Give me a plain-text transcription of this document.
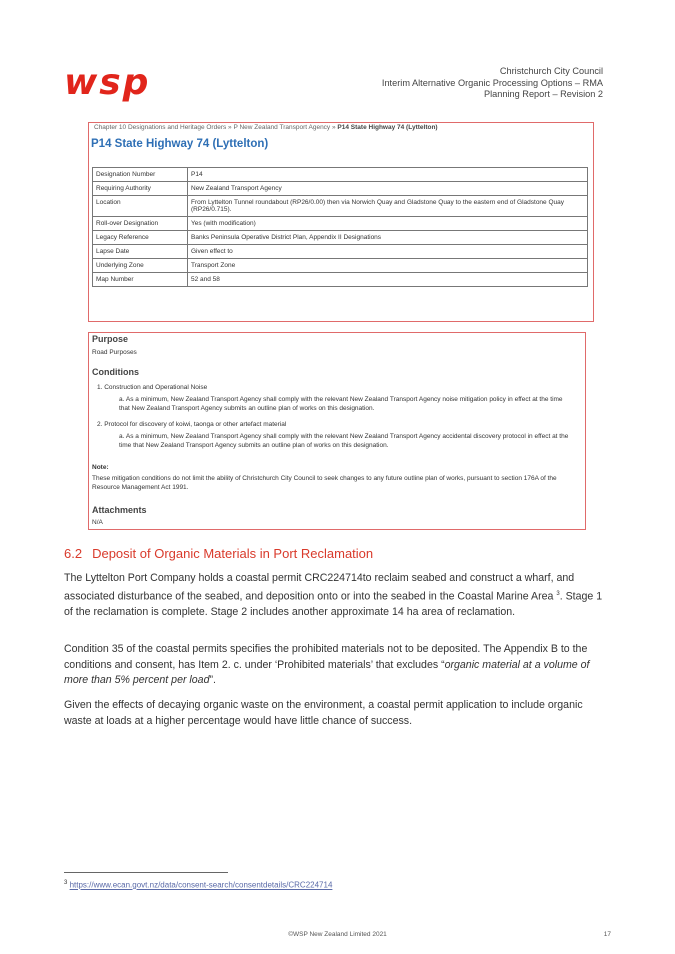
wsp	Christchurch City Council
Interim Alternative Organic Processing Options – RMA
Planning Report – Revision 2
Chapter 10 Designations and Heritage Orders » P New Zealand Transport Agency » P14 State Highway 74 (Lyttelton)
P14 State Highway 74 (Lyttelton)
Designation Number	P14
Requiring Authority	New Zealand Transport Agency
Location	From Lyttelton Tunnel roundabout (RP26/0.00) then via Norwich Quay and Gladstone Quay to the eastern end of Gladstone Quay (RP26/0.715).
Roll-over Designation	Yes (with modification)
Legacy Reference	Banks Peninsula Operative District Plan, Appendix II Designations
Lapse Date	Given effect to
Underlying Zone	Transport Zone
Map Number	52 and 58
Purpose
Road Purposes
Conditions
1. Construction and Operational Noise
a. As a minimum, New Zealand Transport Agency shall comply with the relevant New Zealand Transport Agency noise mitigation policy in effect at the time that New Zealand Transport Agency submits an outline plan of works on this designation.
2. Protocol for discovery of koiwi, taonga or other artefact material
a. As a minimum, New Zealand Transport Agency shall comply with the relevant New Zealand Transport Agency accidental discovery protocol in effect at the time that New Zealand Transport Agency submits an outline plan of works on this designation.
Note:
These mitigation conditions do not limit the ability of Christchurch City Council to seek changes to any future outline plan of works, pursuant to section 176A of the Resource Management Act 1991.
Attachments
N/A
6.2 Deposit of Organic Materials in Port Reclamation
The Lyttelton Port Company holds a coastal permit CRC224714to reclaim seabed and construct a wharf, and associated disturbance of the seabed, and deposition onto or into the seabed in the Coastal Marine Area $^3$. Stage 1 of the reclamation is complete. Stage 2 includes another approximate 14 ha area of reclamation.
Condition 35 of the coastal permits specifies the prohibited materials not to be deposited. The Appendix B to the conditions and consent, has Item 2. c. under ‘Prohibited materials’ that excludes “organic material at a volume of more than 5% percent per load”.
Given the effects of decaying organic waste on the environment, a coastal permit application to include organic waste at loads at a higher percentage would have little chance of success.
$^3$ https://www.ecan.govt.nz/data/consent-search/consentdetails/CRC224714
©WSP New Zealand Limited 2021	17
